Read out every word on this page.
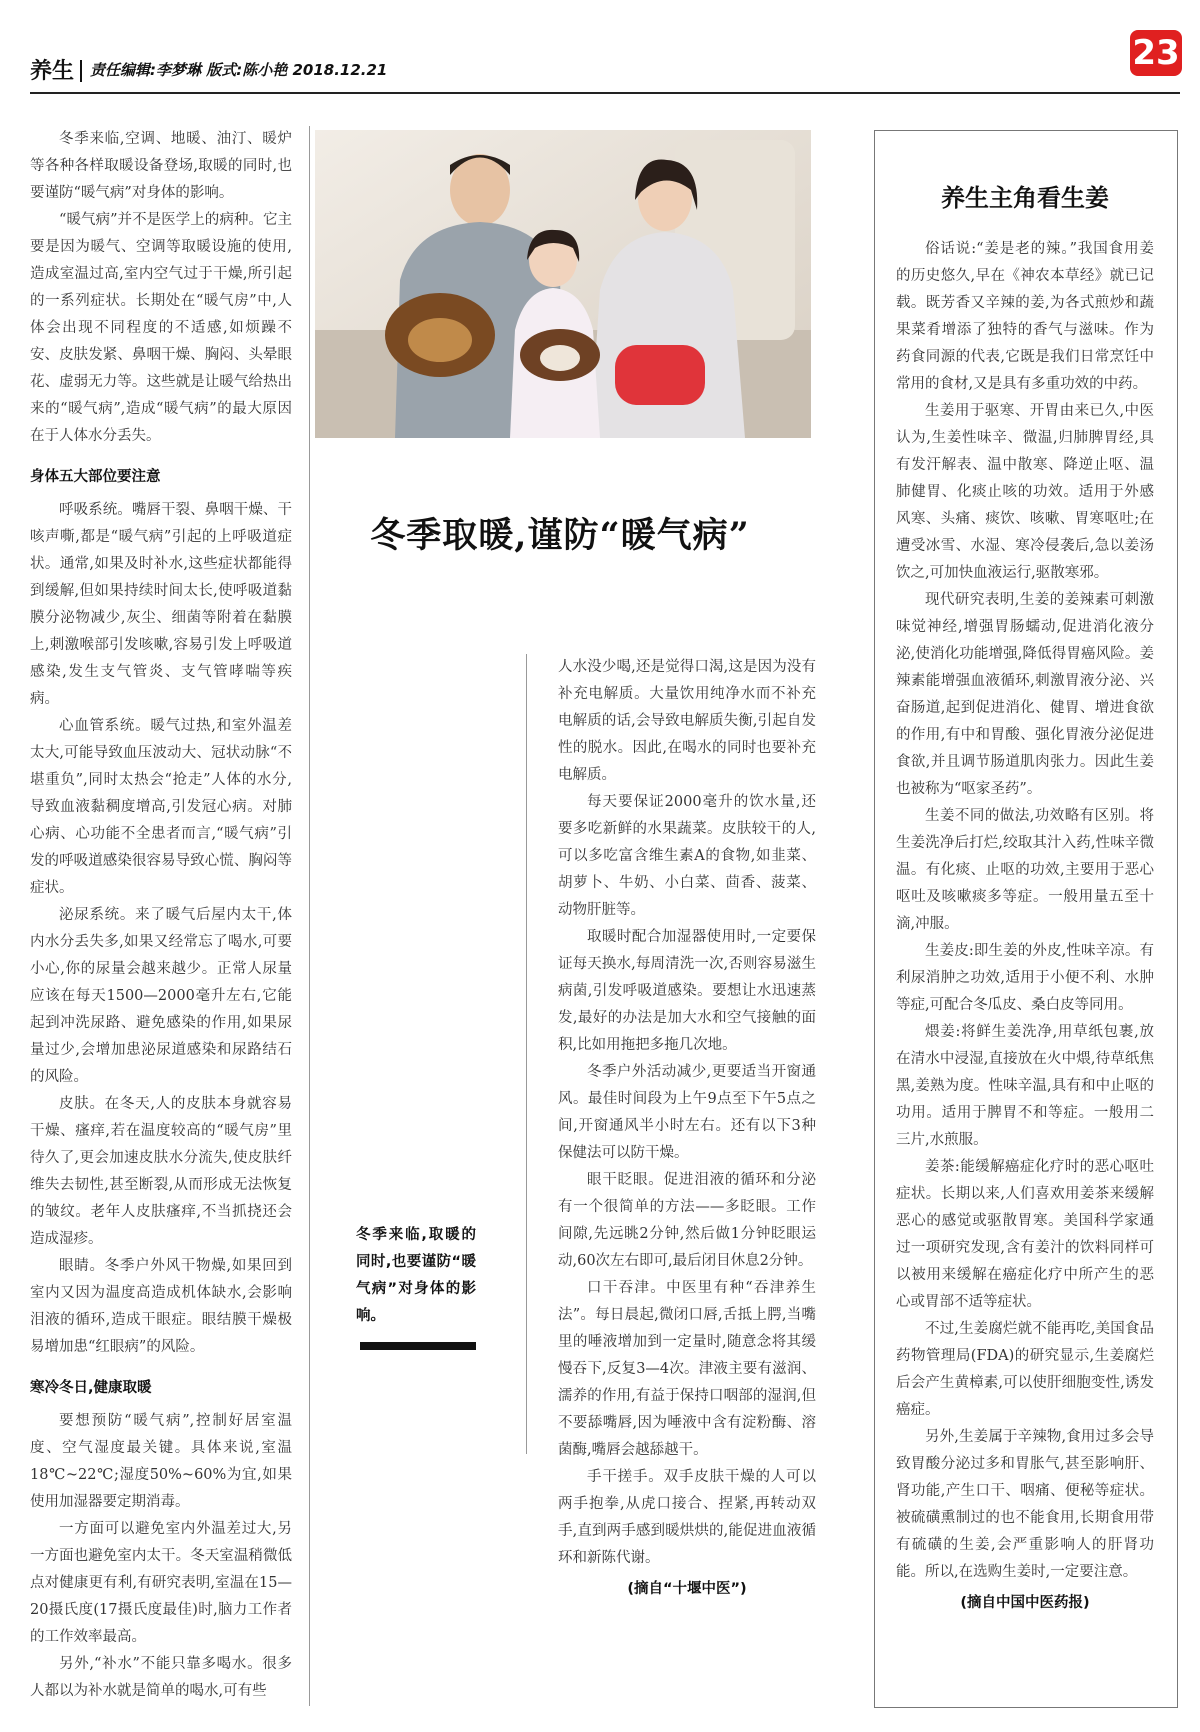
养生 责任编辑:李梦琳 版式:陈小艳 2018.12.21	23

冬季来临,空调、地暖、油汀、暖炉等各种各样取暖设备登场,取暖的同时,也要谨防“暖气病”对身体的影响。

“暖气病”并不是医学上的病种。它主要是因为暖气、空调等取暖设施的使用,造成室温过高,室内空气过于干燥,所引起的一系列症状。长期处在“暖气房”中,人体会出现不同程度的不适感,如烦躁不安、皮肤发紧、鼻咽干燥、胸闷、头晕眼花、虚弱无力等。这些就是让暖气给热出来的“暖气病”,造成“暖气病”的最大原因在于人体水分丢失。

身体五大部位要注意

呼吸系统。嘴唇干裂、鼻咽干燥、干咳声嘶,都是“暖气病”引起的上呼吸道症状。通常,如果及时补水,这些症状都能得到缓解,但如果持续时间太长,使呼吸道黏膜分泌物减少,灰尘、细菌等附着在黏膜上,刺激喉部引发咳嗽,容易引发上呼吸道感染,发生支气管炎、支气管哮喘等疾病。

心血管系统。暖气过热,和室外温差太大,可能导致血压波动大、冠状动脉“不堪重负”,同时太热会“抢走”人体的水分,导致血液黏稠度增高,引发冠心病。对肺心病、心功能不全患者而言,“暖气病”引发的呼吸道感染很容易导致心慌、胸闷等症状。

泌尿系统。来了暖气后屋内太干,体内水分丢失多,如果又经常忘了喝水,可要小心,你的尿量会越来越少。正常人尿量应该在每天1500—2000毫升左右,它能起到冲洗尿路、避免感染的作用,如果尿量过少,会增加患泌尿道感染和尿路结石的风险。

皮肤。在冬天,人的皮肤本身就容易干燥、瘙痒,若在温度较高的“暖气房”里待久了,更会加速皮肤水分流失,使皮肤纤维失去韧性,甚至断裂,从而形成无法恢复的皱纹。老年人皮肤瘙痒,不当抓挠还会造成湿疹。

眼睛。冬季户外风干物燥,如果回到室内又因为温度高造成机体缺水,会影响泪液的循环,造成干眼症。眼结膜干燥极易增加患“红眼病”的风险。

寒冷冬日,健康取暖

要想预防“暖气病”,控制好居室温度、空气湿度最关键。具体来说,室温18℃~22℃;湿度50%~60%为宜,如果使用加湿器要定期消毒。

一方面可以避免室内外温差过大,另一方面也避免室内太干。冬天室温稍微低点对健康更有利,有研究表明,室温在15—20摄氏度(17摄氏度最佳)时,脑力工作者的工作效率最高。

另外,“补水”不能只靠多喝水。很多人都以为补水就是简单的喝水,可有些

冬季取暖,谨防“暖气病”
冬季来临,取暖的同时,也要谨防“暖气病”对身体的影响。

人水没少喝,还是觉得口渴,这是因为没有补充电解质。大量饮用纯净水而不补充电解质的话,会导致电解质失衡,引起自发性的脱水。因此,在喝水的同时也要补充电解质。

每天要保证2000毫升的饮水量,还要多吃新鲜的水果蔬菜。皮肤较干的人,可以多吃富含维生素A的食物,如韭菜、胡萝卜、牛奶、小白菜、茴香、菠菜、动物肝脏等。

取暖时配合加湿器使用时,一定要保证每天换水,每周清洗一次,否则容易滋生病菌,引发呼吸道感染。要想让水迅速蒸发,最好的办法是加大水和空气接触的面积,比如用拖把多拖几次地。

冬季户外活动减少,更要适当开窗通风。最佳时间段为上午9点至下午5点之间,开窗通风半小时左右。还有以下3种保健法可以防干燥。

眼干眨眼。促进泪液的循环和分泌有一个很简单的方法——多眨眼。工作间隙,先远眺2分钟,然后做1分钟眨眼运动,60次左右即可,最后闭目休息2分钟。

口干吞津。中医里有种“吞津养生法”。每日晨起,微闭口唇,舌抵上腭,当嘴里的唾液增加到一定量时,随意念将其缓慢吞下,反复3—4次。津液主要有滋润、濡养的作用,有益于保持口咽部的湿润,但不要舔嘴唇,因为唾液中含有淀粉酶、溶菌酶,嘴唇会越舔越干。

手干搓手。双手皮肤干燥的人可以两手抱拳,从虎口接合、捏紧,再转动双手,直到两手感到暖烘烘的,能促进血液循环和新陈代谢。

(摘自“十堰中医”)

养生主角看生姜

俗话说:“姜是老的辣。”我国食用姜的历史悠久,早在《神农本草经》就已记载。既芳香又辛辣的姜,为各式煎炒和蔬果菜肴增添了独特的香气与滋味。作为药食同源的代表,它既是我们日常烹饪中常用的食材,又是具有多重功效的中药。

生姜用于驱寒、开胃由来已久,中医认为,生姜性味辛、微温,归肺脾胃经,具有发汗解表、温中散寒、降逆止呕、温肺健胃、化痰止咳的功效。适用于外感风寒、头痛、痰饮、咳嗽、胃寒呕吐;在遭受冰雪、水湿、寒冷侵袭后,急以姜汤饮之,可加快血液运行,驱散寒邪。

现代研究表明,生姜的姜辣素可刺激味觉神经,增强胃肠蠕动,促进消化液分泌,使消化功能增强,降低得胃癌风险。姜辣素能增强血液循环,刺激胃液分泌、兴奋肠道,起到促进消化、健胃、增进食欲的作用,有中和胃酸、强化胃液分泌促进食欲,并且调节肠道肌肉张力。因此生姜也被称为“呕家圣药”。

生姜不同的做法,功效略有区别。将生姜洗净后打烂,绞取其汁入药,性味辛微温。有化痰、止呕的功效,主要用于恶心呕吐及咳嗽痰多等症。一般用量五至十滴,冲服。

生姜皮:即生姜的外皮,性味辛凉。有利尿消肿之功效,适用于小便不利、水肿等症,可配合冬瓜皮、桑白皮等同用。

煨姜:将鲜生姜洗净,用草纸包裹,放在清水中浸湿,直接放在火中煨,待草纸焦黑,姜熟为度。性味辛温,具有和中止呕的功用。适用于脾胃不和等症。一般用二三片,水煎服。

姜茶:能缓解癌症化疗时的恶心呕吐症状。长期以来,人们喜欢用姜茶来缓解恶心的感觉或驱散胃寒。美国科学家通过一项研究发现,含有姜汁的饮料同样可以被用来缓解在癌症化疗中所产生的恶心或胃部不适等症状。

不过,生姜腐烂就不能再吃,美国食品药物管理局(FDA)的研究显示,生姜腐烂后会产生黄樟素,可以使肝细胞变性,诱发癌症。

另外,生姜属于辛辣物,食用过多会导致胃酸分泌过多和胃胀气,甚至影响肝、肾功能,产生口干、咽痛、便秘等症状。被硫磺熏制过的也不能食用,长期食用带有硫磺的生姜,会严重影响人的肝肾功能。所以,在选购生姜时,一定要注意。

(摘自中国中医药报)
